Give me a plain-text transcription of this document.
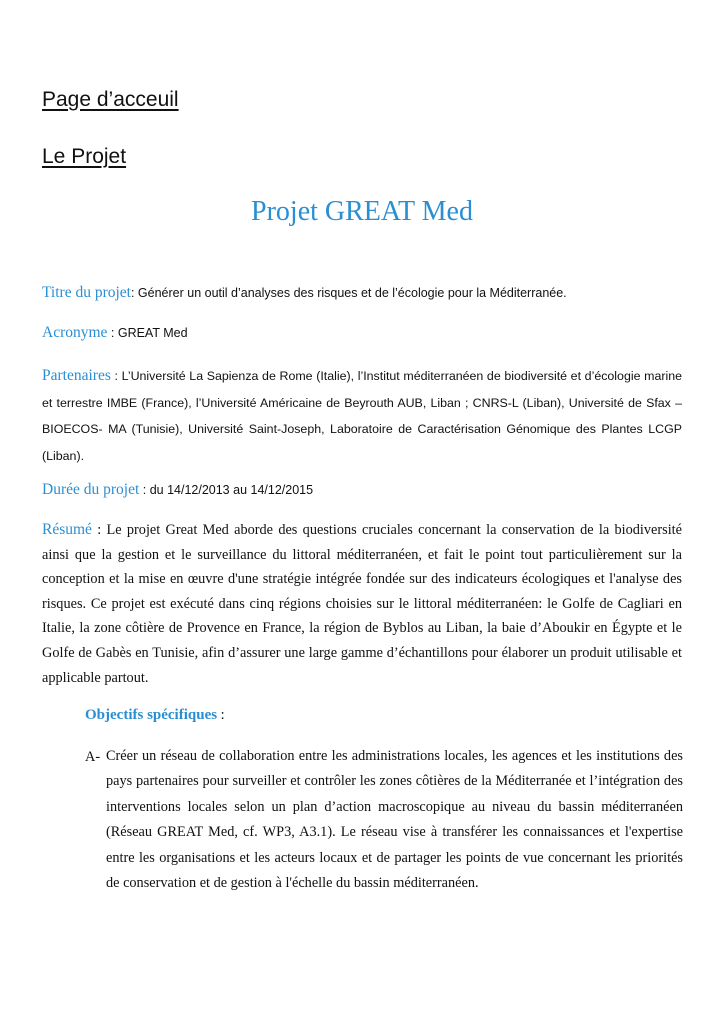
Page d’acceuil
Le Projet
Projet GREAT Med
Titre du projet: Générer un outil d’analyses des risques et de l’écologie pour la Méditerranée.
Acronyme : GREAT Med
Partenaires : L’Université La Sapienza de Rome (Italie), l’Institut méditerranéen de biodiversité et d’écologie marine et terrestre IMBE (France), l’Université Américaine de Beyrouth AUB, Liban ; CNRS-L (Liban), Université de Sfax – BIOECOS- MA (Tunisie), Université Saint-Joseph, Laboratoire de Caractérisation Génomique des Plantes LCGP (Liban).
Durée du projet : du 14/12/2013 au 14/12/2015
Résumé : Le projet Great Med aborde des questions cruciales concernant la conservation de la biodiversité ainsi que la gestion et le surveillance du littoral méditerranéen, et fait le point tout particulièrement sur la conception et la mise en œuvre d'une stratégie intégrée fondée sur des indicateurs écologiques et l'analyse des risques. Ce projet est exécuté dans cinq régions choisies sur le littoral méditerranéen: le Golfe de Cagliari en Italie, la zone côtière de Provence en France, la région de Byblos au Liban, la baie d’Aboukir en Égypte et le Golfe de Gabès en Tunisie, afin d’assurer une large gamme d’échantillons pour élaborer un produit utilisable et applicable partout.
Objectifs spécifiques :
A- Créer un réseau de collaboration entre les administrations locales, les agences et les institutions des pays partenaires pour surveiller et contrôler les zones côtières de la Méditerranée et l’intégration des interventions locales selon un plan d’action macroscopique au niveau du bassin méditerranéen (Réseau GREAT Med, cf. WP3, A3.1). Le réseau vise à transférer les connaissances et l'expertise entre les organisations et les acteurs locaux et de partager les points de vue concernant les priorités de conservation et de gestion à l'échelle du bassin méditerranéen.
